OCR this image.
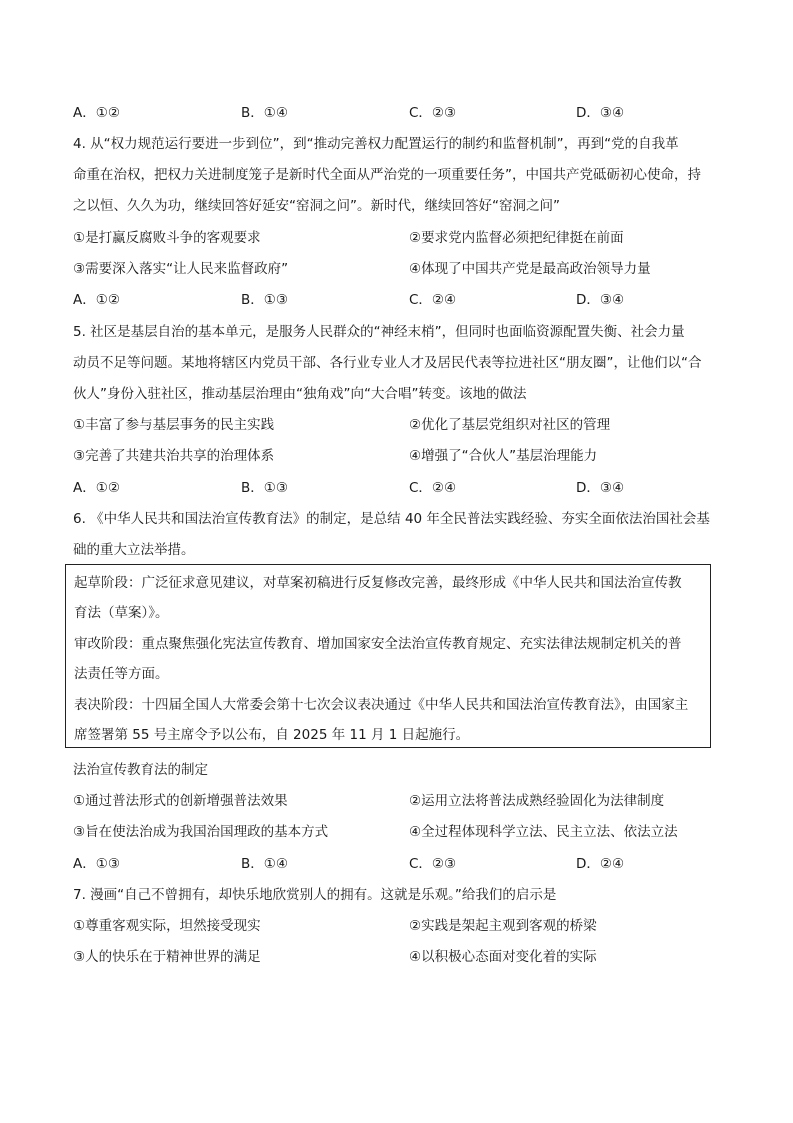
A．①②	B．①④	C．②③	D．③④
4. 从“权力规范运行要进一步到位”，到“推动完善权力配置运行的制约和监督机制”，再到“党的自我革
命重在治权，把权力关进制度笼子是新时代全面从严治党的一项重要任务”，中国共产党砥砺初心使命，持
之以恒、久久为功，继续回答好延安“窑洞之问”。新时代，继续回答好“窑洞之问”
①是打赢反腐败斗争的客观要求	②要求党内监督必须把纪律挺在前面
③需要深入落实“让人民来监督政府”	④体现了中国共产党是最高政治领导力量
A．①②	B．①③	C．②④	D．③④
5. 社区是基层自治的基本单元，是服务人民群众的“神经末梢”，但同时也面临资源配置失衡、社会力量
动员不足等问题。某地将辖区内党员干部、各行业专业人才及居民代表等拉进社区“朋友圈”，让他们以“合
伙人”身份入驻社区，推动基层治理由“独角戏”向“大合唱”转变。该地的做法
①丰富了参与基层事务的民主实践	②优化了基层党组织对社区的管理
③完善了共建共治共享的治理体系	④增强了“合伙人”基层治理能力
A．①②	B．①③	C．②④	D．③④
6. 《中华人民共和国法治宣传教育法》的制定，是总结 40 年全民普法实践经验、夯实全面依法治国社会基
础的重大立法举措。
起草阶段：广泛征求意见建议，对草案初稿进行反复修改完善，最终形成《中华人民共和国法治宣传教
育法（草案）》。
审改阶段：重点聚焦强化宪法宣传教育、增加国家安全法治宣传教育规定、充实法律法规制定机关的普
法责任等方面。
表决阶段：十四届全国人大常委会第十七次会议表决通过《中华人民共和国法治宣传教育法》，由国家主
席签署第 55 号主席令予以公布，自 2025 年 11 月 1 日起施行。
法治宣传教育法的制定
①通过普法形式的创新增强普法效果	②运用立法将普法成熟经验固化为法律制度
③旨在使法治成为我国治国理政的基本方式	④全过程体现科学立法、民主立法、依法立法
A．①③	B．①④	C．②③	D．②④
7. 漫画“自己不曾拥有，却快乐地欣赏别人的拥有。这就是乐观。”给我们的启示是
①尊重客观实际，坦然接受现实	②实践是架起主观到客观的桥梁
③人的快乐在于精神世界的满足	④以积极心态面对变化着的实际
